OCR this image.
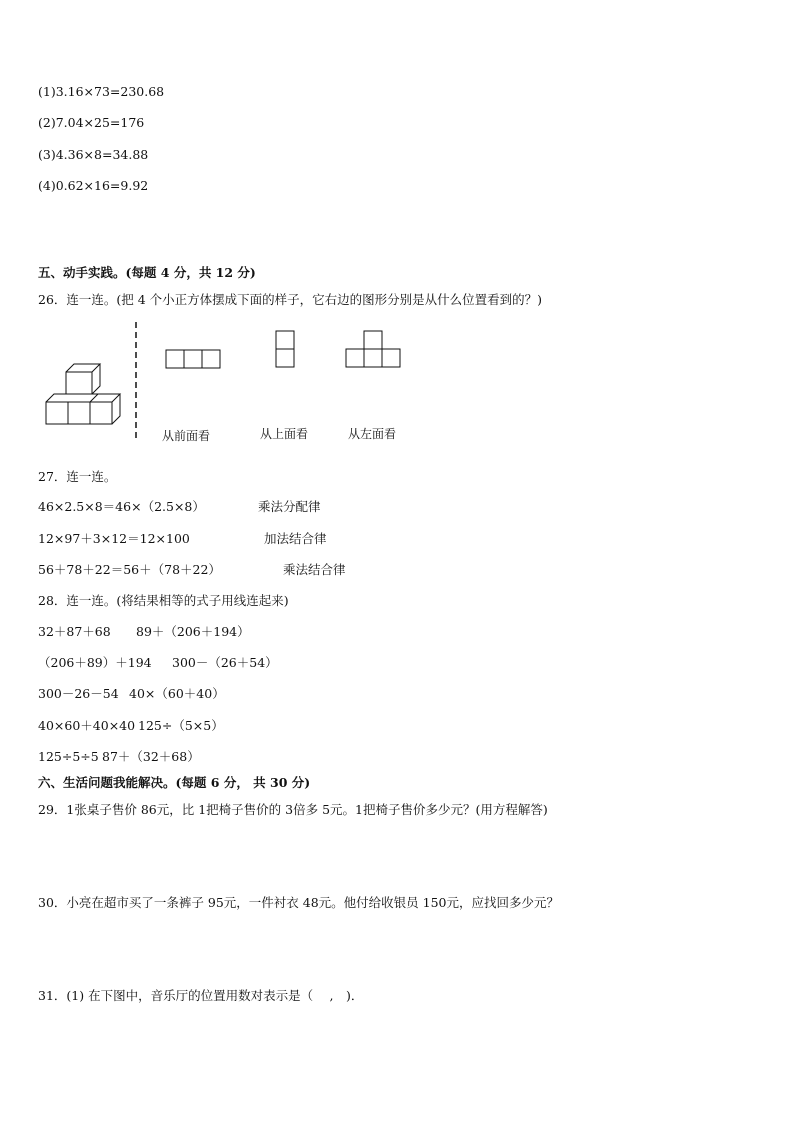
(1)3.16×73=230.68
(2)7.04×25=176
(3)4.36×8=34.88
(4)0.62×16=9.92
五、动手实践。(每题 4 分，共 12 分)
26．连一连。(把 4 个小正方体摆成下面的样子，它右边的图形分别是从什么位置看到的？)
从前面看	从上面看	从左面看
27．连一连。
46×2.5×8＝46×（2.5×8）
12×97＋3×12＝12×100
56＋78＋22＝56＋（78＋22）
乘法分配律
加法结合律
乘法结合律
28．连一连。(将结果相等的式子用线连起来)
32＋87＋68
（206＋89）＋194
300－26－54
40×60＋40×40
125÷5÷5
89＋（206＋194）
300－（26＋54）
40×（60＋40）
125÷（5×5）
87＋（32＋68）
六、生活问题我能解决。(每题 6 分， 共 30 分)
29．1张桌子售价 86元，比 1把椅子售价的 3倍多 5元。1把椅子售价多少元？(用方程解答)
30．小亮在超市买了一条裤子 95元，一件衬衣 48元。他付给收银员 150元，应找回多少元？
31．(1) 在下图中，音乐厅的位置用数对表示是（　 ,　)．
